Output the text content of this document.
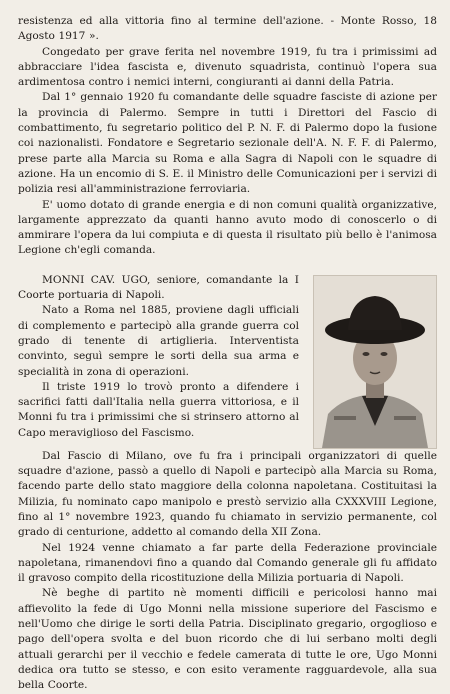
resistenza ed alla vittoria fino al termine dell'azione. - Monte Rosso, 18 Agosto 1917 ».

Congedato per grave ferita nel novembre 1919, fu tra i primissimi ad abbracciare l'idea fascista e, divenuto squadrista, continuò l'opera sua ardimentosa contro i nemici interni, congiuranti ai danni della Patria.

Dal 1° gennaio 1920 fu comandante delle squadre fasciste di azione per la provincia di Palermo. Sempre in tutti i Direttori del Fascio di combattimento, fu segretario politico del P. N. F. di Palermo dopo la fusione coi nazionalisti. Fondatore e Segretario sezionale dell'A. N. F. F. di Palermo, prese parte alla Marcia su Roma e alla Sagra di Napoli con le squadre di azione. Ha un encomio di S. E. il Ministro delle Comunicazioni per i servizi di polizia resi all'amministrazione ferroviaria.

E' uomo dotato di grande energia e di non comuni qualità organizzative, largamente apprezzato da quanti hanno avuto modo di conoscerlo o di ammirare l'opera da lui compiuta e di questa il risultato più bello è l'animosa Legione ch'egli comanda.

MONNI CAV. UGO, seniore, comandante la I Coorte portuaria di Napoli.

Nato a Roma nel 1885, proviene dagli ufficiali di complemento e partecipò alla grande guerra col grado di tenente di artiglieria. Interventista convinto, seguì sempre le sorti della sua arma e specialità in zona di operazioni.

Il triste 1919 lo trovò pronto a difendere i sacrifici fatti dall'Italia nella guerra vittoriosa, e il Monni fu tra i primissimi che si strinsero attorno al Capo meraviglioso del Fascismo.

Dal Fascio di Milano, ove fu fra i principali organizzatori di quelle squadre d'azione, passò a quello di Napoli e partecipò alla Marcia su Roma, facendo parte dello stato maggiore della colonna napoletana. Costituitasi la Milizia, fu nominato capo manipolo e prestò servizio alla CXXXVIII Legione, fino al 1° novembre 1923, quando fu chiamato in servizio permanente, col grado di centurione, addetto al comando della XII Zona.

Nel 1924 venne chiamato a far parte della Federazione provinciale napoletana, rimanendovi fino a quando dal Comando generale gli fu affidato il gravoso compito della ricostituzione della Milizia portuaria di Napoli.

Nè beghe di partito nè momenti difficili e pericolosi hanno mai affievolito la fede di Ugo Monni nella missione superiore del Fascismo e nell'Uomo che dirige le sorti della Patria. Disciplinato gregario, orgoglioso e pago dell'opera svolta e del buon ricordo che di lui serbano molti degli attuali gerarchi per il vecchio e fedele camerata di tutte le ore, Ugo Monni dedica ora tutto se stesso, e con esito veramente ragguardevole, alla sua bella Coorte.
